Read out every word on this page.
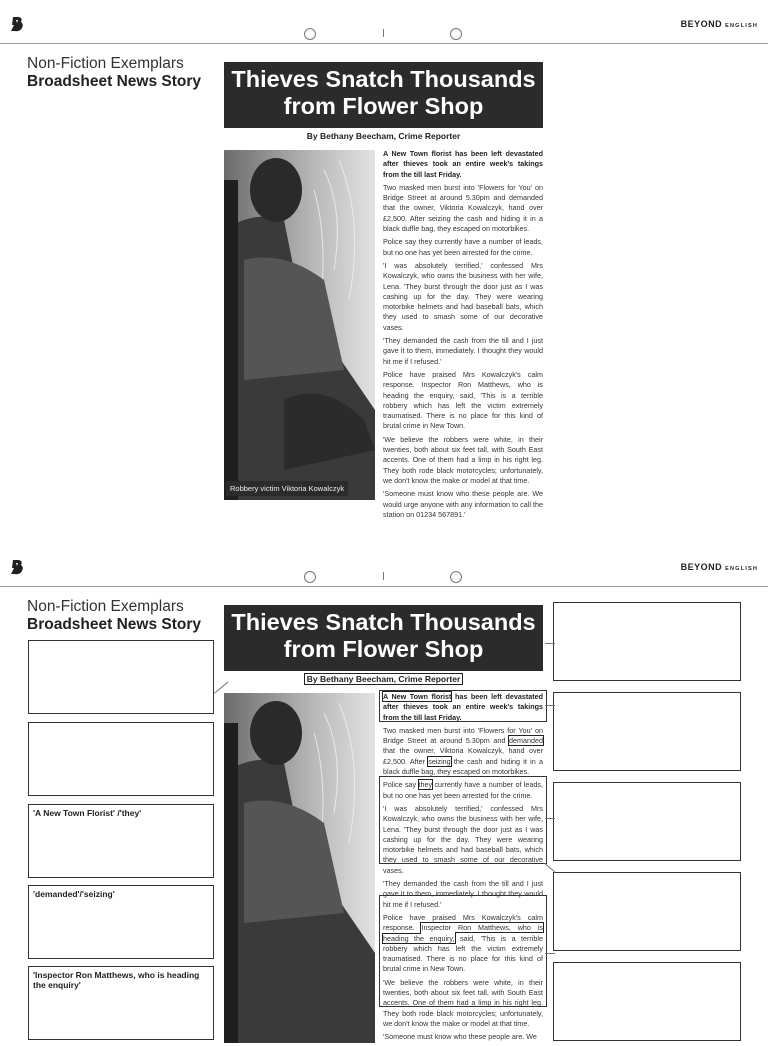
BEYOND ENGLISH
Non-Fiction Exemplars
Broadsheet News Story	Thieves Snatch Thousands
from Flower Shop
By Bethany Beecham, Crime Reporter
Robbery victim Viktoria Kowalczyk

A New Town florist has been left devastated after thieves took an entire week's takings from the till last Friday.

Two masked men burst into 'Flowers for You' on Bridge Street at around 5.30pm and demanded that the owner, Viktoria Kowalczyk, hand over £2,500. After seizing the cash and hiding it in a black duffle bag, they escaped on motorbikes.

Police say they currently have a number of leads, but no one has yet been arrested for the crime.

'I was absolutely terrified,' confessed Mrs Kowalczyk, who owns the business with her wife, Lena. 'They burst through the door just as I was cashing up for the day. They were wearing motorbike helmets and had baseball bats, which they used to smash some of our decorative vases.

'They demanded the cash from the till and I just gave it to them, immediately. I thought they would hit me if I refused.'

Police have praised Mrs Kowalczyk's calm response. Inspector Ron Matthews, who is heading the enquiry, said, 'This is a terrible robbery which has left the victim extremely traumatised. There is no place for this kind of brutal crime in New Town.

'We believe the robbers were white, in their twenties, both about six feet tall, with South East accents. One of them had a limp in his right leg. They both rode black motorcycles; unfortunately, we don't know the make or model at that time.

'Someone must know who these people are. We would urge anyone with any information to call the station on 01234 567891.'

BEYOND ENGLISH
Non-Fiction Exemplars
Broadsheet News Story	Thieves Snatch Thousands
from Flower Shop
By Bethany Beecham, Crime Reporter

A New Town florist has been left devastated after thieves took an entire week's takings from the till last Friday.

Two masked men burst into 'Flowers for You' on Bridge Street at around 5.30pm and demanded that the owner, Viktoria Kowalczyk, hand over £2,500. After seizing the cash and hiding it in a black duffle bag, they escaped on motorbikes.

Police say they currently have a number of leads, but no one has yet been arrested for the crime.

'I was absolutely terrified,' confessed Mrs Kowalczyk, who owns the business with her wife, Lena. 'They burst through the door just as I was cashing up for the day. They were wearing motorbike helmets and had baseball bats, which they used to smash some of our decorative vases.

'They demanded the cash from the till and I just gave it to them, immediately. I thought they would hit me if I refused.'

Police have praised Mrs Kowalczyk's calm response. Inspector Ron Matthews, who is heading the enquiry, said, 'This is a terrible robbery which has left the victim extremely traumatised. There is no place for this kind of brutal crime in New Town.

'We believe the robbers were white, in their twenties, both about six feet tall, with South East accents. One of them had a limp in his right leg. They both rode black motorcycles; unfortunately, we don't know the make or model at that time.

'Someone must know who these people are. We

'A New Town Florist' /'they'
'demanded'/'seizing'
'Inspector Ron Matthews, who is heading the enquiry'
